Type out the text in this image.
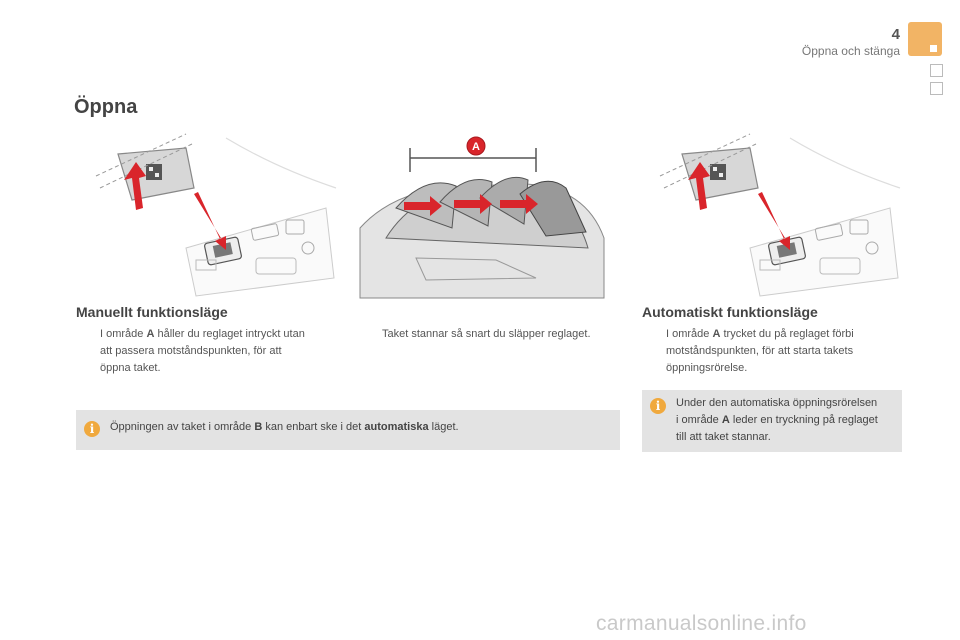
4
Öppna och stänga
Öppna
A
Manuellt funktionsläge
I område A håller du reglaget intryckt utan
att passera motståndspunkten, för att
öppna taket.
Taket stannar så snart du släpper reglaget.
Automatiskt funktionsläge
I område A trycket du på reglaget förbi
motståndspunkten, för att starta takets
öppningsrörelse.
i	Öppningen av taket i område B kan enbart ske i det automatiska läget.
i	Under den automatiska öppningsrörelsen
i område A leder en tryckning på reglaget
till att taket stannar.
carmanualsonline.info
